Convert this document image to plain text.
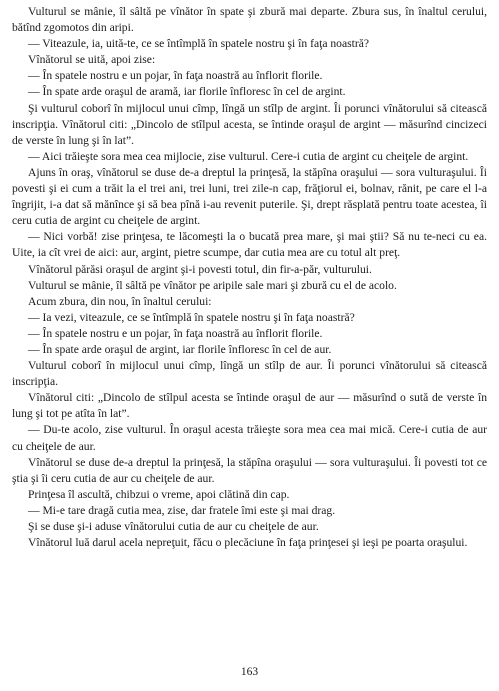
Vulturul se mânie, îl sâltă pe vînător în spate şi zbură mai departe. Zbura sus, în înaltul cerului, bătînd zgomotos din aripi.

— Viteazule, ia, uită-te, ce se întîmplă în spatele nostru şi în faţa noastră?

Vînătorul se uită, apoi zise:

— În spatele nostru e un pojar, în faţa noastră au înflorit florile.

— În spate arde oraşul de aramă, iar florile înfloresc în cel de argint.

Şi vulturul coborî în mijlocul unui cîmp, lîngă un stîlp de argint. Îi porunci vînătorului să citească inscripţia. Vînătorul citi: „Dincolo de stîlpul acesta, se întinde oraşul de argint — măsurînd cincizeci de verste în lung şi în lat”.

— Aici trăieşte sora mea cea mijlocie, zise vulturul. Cere-i cutia de argint cu cheiţele de argint.

Ajuns în oraş, vînătorul se duse de-a dreptul la prinţesă, la stăpîna oraşului — sora vulturaşului. Îi povesti şi ei cum a trăit la el trei ani, trei luni, trei zile-n cap, frăţiorul ei, bolnav, rănit, pe care el l-a îngrijit, i-a dat să mănînce şi să bea pînă i-au revenit puterile. Şi, drept răsplată pentru toate acestea, îi ceru cutia de argint cu cheiţele de argint.

— Nici vorbă! zise prinţesa, te lăcomeşti la o bucată prea mare, şi mai ştii? Să nu te-neci cu ea. Uite, ia cît vrei de aici: aur, argint, pietre scumpe, dar cutia mea are cu totul alt preţ.

Vînătorul părăsi oraşul de argint şi-i povesti totul, din fir-a-păr, vulturului.

Vulturul se mânie, îl sâltă pe vînător pe aripile sale mari şi zbură cu el de acolo.

Acum zbura, din nou, în înaltul cerului:

— Ia vezi, viteazule, ce se întîmplă în spatele nostru şi în faţa noastră?

— În spatele nostru e un pojar, în faţa noastră au înflorit florile.

— În spate arde oraşul de argint, iar florile înfloresc în cel de aur.

Vulturul coborî în mijlocul unui cîmp, lîngă un stîlp de aur. Îi porunci vînătorului să citească inscripţia.

Vînătorul citi: „Dincolo de stîlpul acesta se întinde oraşul de aur — măsurînd o sută de verste în lung şi tot pe atîta în lat”.

— Du-te acolo, zise vulturul. În oraşul acesta trăieşte sora mea cea mai mică. Cere-i cutia de aur cu cheiţele de aur.

Vînătorul se duse de-a dreptul la prinţesă, la stăpîna oraşului — sora vulturaşului. Îi povesti tot ce ştia şi îi ceru cutia de aur cu cheiţele de aur.

Prinţesa îl ascultă, chibzui o vreme, apoi clătină din cap.

— Mi-e tare dragă cutia mea, zise, dar fratele îmi este şi mai drag.

Şi se duse şi-i aduse vînătorului cutia de aur cu cheiţele de aur.

Vînătorul luă darul acela nepreţuit, făcu o plecăciune în faţa prinţesei şi ieşi pe poarta oraşului.

163
